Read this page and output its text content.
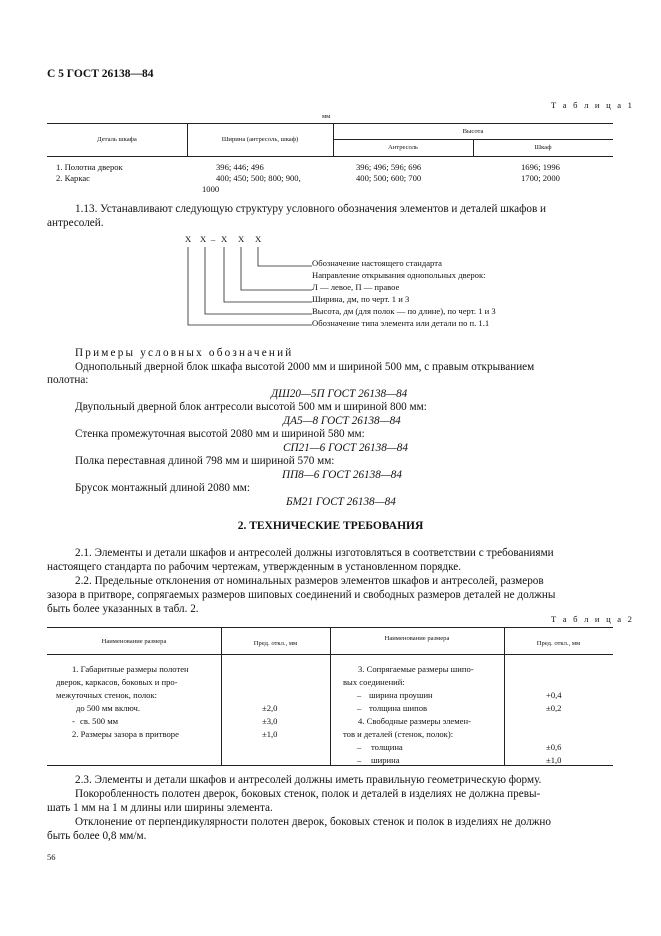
С 5 ГОСТ 26138—84
Т а б л и ц а 1
мм
Деталь шкафа	Ширина (антресоль, шкаф)
Высота
Антресоль	Шкаф
1. Полотна дверок	396; 446; 496	396; 496; 596; 696	1696; 1996
2. Каркас	400; 450; 500; 800; 900,	400; 500; 600; 700	1700; 2000
1000
1.13. Устанавливают следующую структуру условного обозначения элементов и деталей шкафов и
антресолей.
Х Х – Х Х Х
Обозначение настоящего стандарта
Направление открывания однопольных дверок:
Л — левое, П — правое
Ширина, дм, по черт. 1 и 3
Высота, дм (для полок — по длине), по черт. 1 и 3
Обозначение типа элемента или детали по п. 1.1
Примеры условных обозначений
Однопольный дверной блок шкафа высотой 2000 мм и шириной 500 мм, с правым открыванием
полотна:
ДШ20—5П ГОСТ 26138—84
Двупольный дверной блок антресоли высотой 500 мм и шириной 800 мм:
ДА5—8 ГОСТ 26138—84
Стенка промежуточная высотой 2080 мм и шириной 580 мм:
СП21—6 ГОСТ 26138—84
Полка переставная длиной 798 мм и шириной 570 мм:
ПП8—6 ГОСТ 26138—84
Брусок монтажный длиной 2080 мм:
БМ21 ГОСТ 26138—84
2. ТЕХНИЧЕСКИЕ ТРЕБОВАНИЯ
2.1. Элементы и детали шкафов и антресолей должны изготовляться в соответствии с требованиями
настоящего стандарта по рабочим чертежам, утвержденным в установленном порядке.
2.2. Предельные отклонения от номинальных размеров элементов шкафов и антресолей, размеров
зазора в притворе, сопрягаемых размеров шиповых соединений и свободных размеров деталей не должны
быть более указанных в табл. 2.
Т а б л и ц а 2
Наименование размера	Пред. откл., мм
Наименование размера
Пред. откл., мм
1. Габаритные размеры полотен
дверок, каркасов, боковых и про-
межуточных стенок, полок:
до 500 мм включ.	±2,0
- св. 500 мм	±3,0
2. Размеры зазора в притворе	±1,0
3. Сопрягаемые размеры шипо-
вых соединений:
– ширина проушин	+0,4
– толщина шипов	±0,2
4. Свободные размеры элемен-
тов и деталей (стенок, полок):
– толщина	±0,6
– ширина	±1,0
2.3. Элементы и детали шкафов и антресолей должны иметь правильную геометрическую форму.
Покоробленность полотен дверок, боковых стенок, полок и деталей в изделиях не должна превы-
шать 1 мм на 1 м длины или ширины элемента.
Отклонение от перпендикулярности полотен дверок, боковых стенок и полок в изделиях не должно
быть более 0,8 мм/м.
56
